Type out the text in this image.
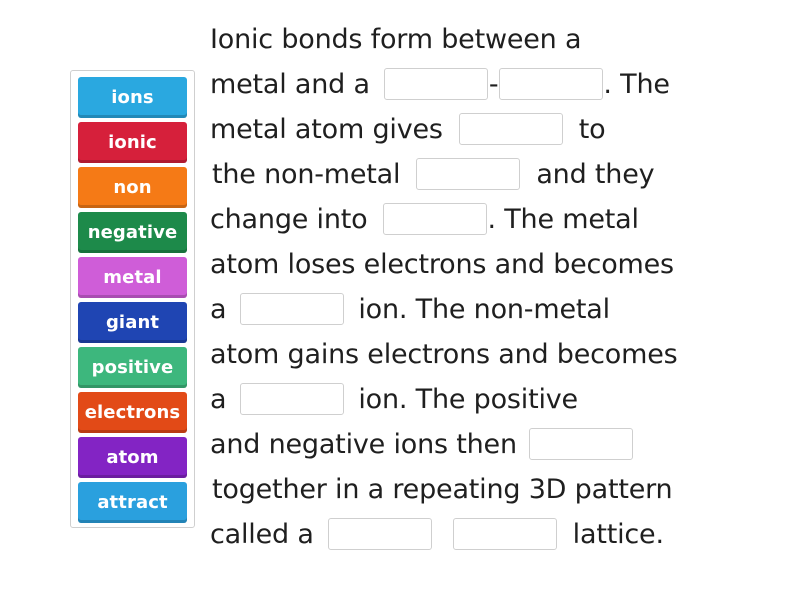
ions
ionic
non
negative
metal
giant
positive
electrons
atom
attract
Ionic bonds form between a
metal and a	-	. The
metal atom gives	to
the non-metal	and they
change into	. The metal
atom loses electrons and becomes
a	ion. The non-metal
atom gains electrons and becomes
a	ion. The positive
and negative ions then
together in a repeating 3D pattern
called a	lattice.
